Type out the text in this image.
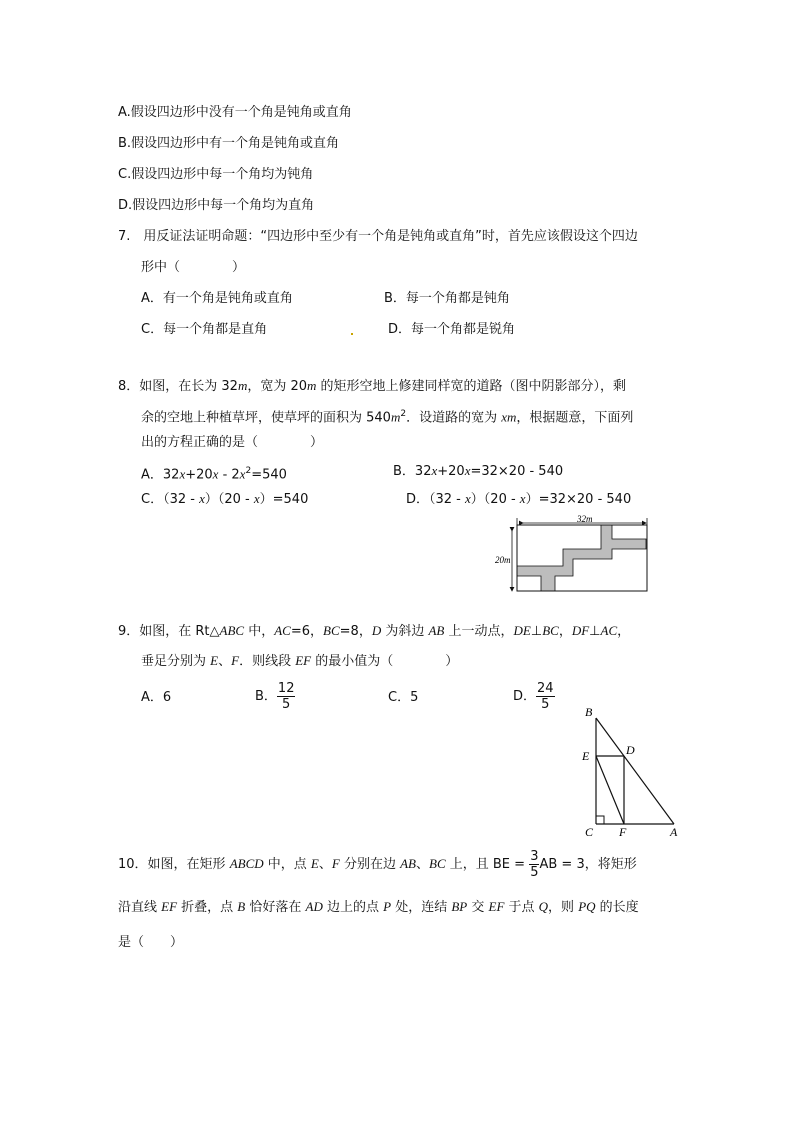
A.假设四边形中没有一个角是钝角或直角
B.假设四边形中有一个角是钝角或直角
C.假设四边形中每一个角均为钝角
D.假设四边形中每一个角均为直角
7.　用反证法证明命题：“四边形中至少有一个角是钝角或直角”时，首先应该假设这个四边
形中（　　　　）
A．有一个角是钝角或直角	B．每一个角都是钝角
C．每一个角都是直角	D．每一个角都是锐角
8．如图，在长为 32m，宽为 20m 的矩形空地上修建同样宽的道路（图中阴影部分），剩
余的空地上种植草坪，使草坪的面积为 $540m^2$．设道路的宽为 xm，根据题意，下面列
出的方程正确的是（　　　　）
A．$32x+20x - 2x^2=540$	B．32x+20x=32×20 - 540
C．（32 - x）（20 - x）=540	D．（32 - x）（20 - x）=32×20 - 540
32m
20m
9．如图，在 Rt△ABC 中，AC=6，BC=8，D 为斜边 AB 上一动点，DE⊥BC，DF⊥AC，
垂足分别为 E、F．则线段 EF 的最小值为（　　　　）
A．6	B． $\frac{12}{5}$	C．5	D． $\frac{24}{5}$	B
E	D
C F	A
10．如图，在矩形 ABCD 中，点 E、F 分别在边 AB、BC 上，且 BE = $\frac{3}{5}$ AB = 3，将矩形
沿直线 EF 折叠，点 B 恰好落在 AD 边上的点 P 处，连结 BP 交 EF 于点 Q，则 PQ 的长度
是（　　）
